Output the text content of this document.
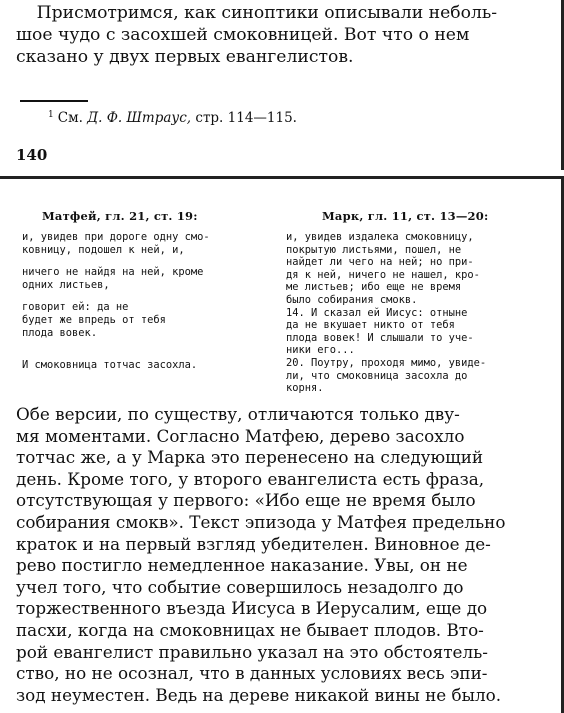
Присмотримся, как синоптики описывали неболь-
шое чудо с засохшей смоковницей. Вот что о нем
сказано у двух первых евангелистов.

$^1$ См. Д. Ф. Штраус, стр. 114—115.

140

Матфей, гл. 21, ст. 19:	Марк, гл. 11, ст. 13—20:
и, увидев при дороге одну смо-
ковницу, подошел к ней, и,
ничего не найдя на ней, кроме
одних листьев,
говорит ей: да не
будет же впредь от тебя
плода вовек.
И смоковница тотчас засохла.
и, увидев издалека смоковницу,
покрытую листьями, пошел, не
найдет ли чего на ней; но при-
дя к ней, ничего не нашел, кро-
ме листьев; ибо еще не время
было собирания смокв.
14. И сказал ей Иисус: отныне
да не вкушает никто от тебя
плода вовек! И слышали то уче-
ники его...
20. Поутру, проходя мимо, увиде-
ли, что смоковница засохла до
корня.
Обе версии, по существу, отличаются только дву-
мя моментами. Согласно Матфею, дерево засохло
тотчас же, а у Марка это перенесено на следующий
день. Кроме того, у второго евангелиста есть фраза,
отсутствующая у первого: «Ибо еще не время было
собирания смокв». Текст эпизода у Матфея предельно
краток и на первый взгляд убедителен. Виновное де-
рево постигло немедленное наказание. Увы, он не
учел того, что событие совершилось незадолго до
торжественного въезда Иисуса в Иерусалим, еще до
пасхи, когда на смоковницах не бывает плодов. Вто-
рой евангелист правильно указал на это обстоятель-
ство, но не осознал, что в данных условиях весь эпи-
зод неуместен. Ведь на дереве никакой вины не было.
